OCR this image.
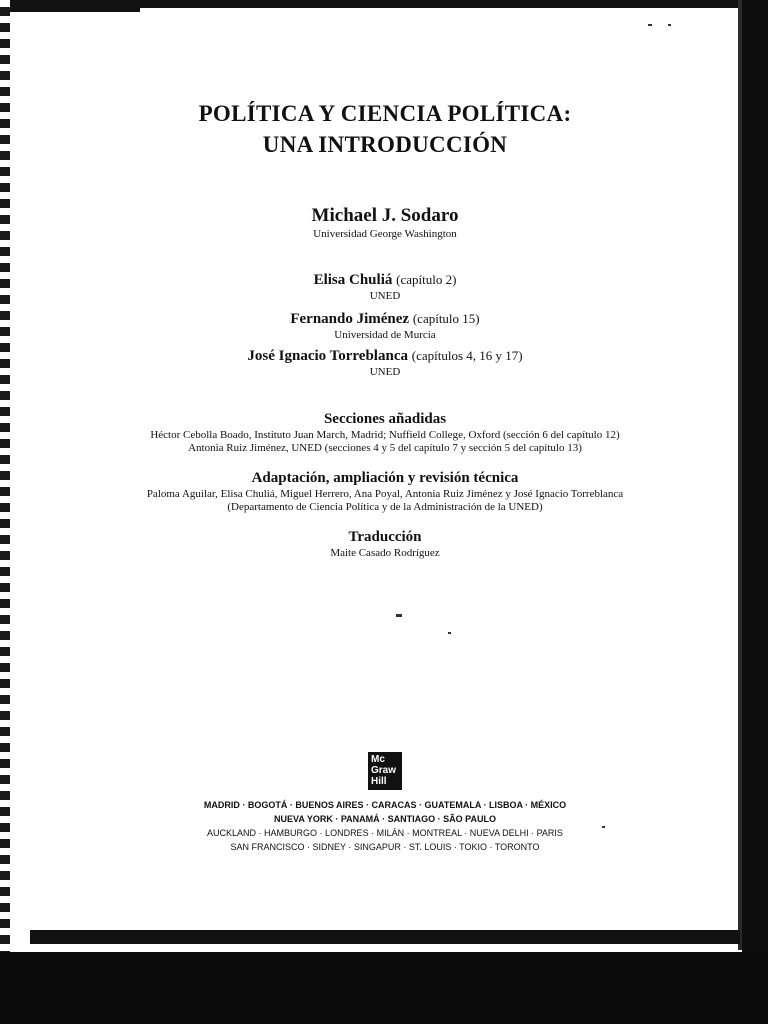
POLÍTICA Y CIENCIA POLÍTICA:
UNA INTRODUCCIÓN
Michael J. Sodaro
Universidad George Washington
Elisa Chuliá (capítulo 2)
UNED
Fernando Jiménez (capítulo 15)
Universidad de Murcia
José Ignacio Torreblanca (capítulos 4, 16 y 17)
UNED
Secciones añadidas
Héctor Cebolla Boado, Instituto Juan March, Madrid; Nuffield College, Oxford (sección 6 del capítulo 12)
Antonia Ruiz Jiménez, UNED (secciones 4 y 5 del capítulo 7 y sección 5 del capítulo 13)
Adaptación, ampliación y revisión técnica
Paloma Aguilar, Elisa Chuliá, Miguel Herrero, Ana Poyal, Antonia Ruiz Jiménez y José Ignacio Torreblanca
(Departamento de Ciencia Política y de la Administración de la UNED)
Traducción
Maite Casado Rodríguez
Mc
Graw
Hill
MADRID · BOGOTÁ · BUENOS AIRES · CARACAS · GUATEMALA · LISBOA · MÉXICO
NUEVA YORK · PANAMÁ · SANTIAGO · SÃO PAULO
AUCKLAND · HAMBURGO · LONDRES · MILÁN · MONTREAL · NUEVA DELHI · PARIS
SAN FRANCISCO · SIDNEY · SINGAPUR · ST. LOUIS · TOKIO · TORONTO
